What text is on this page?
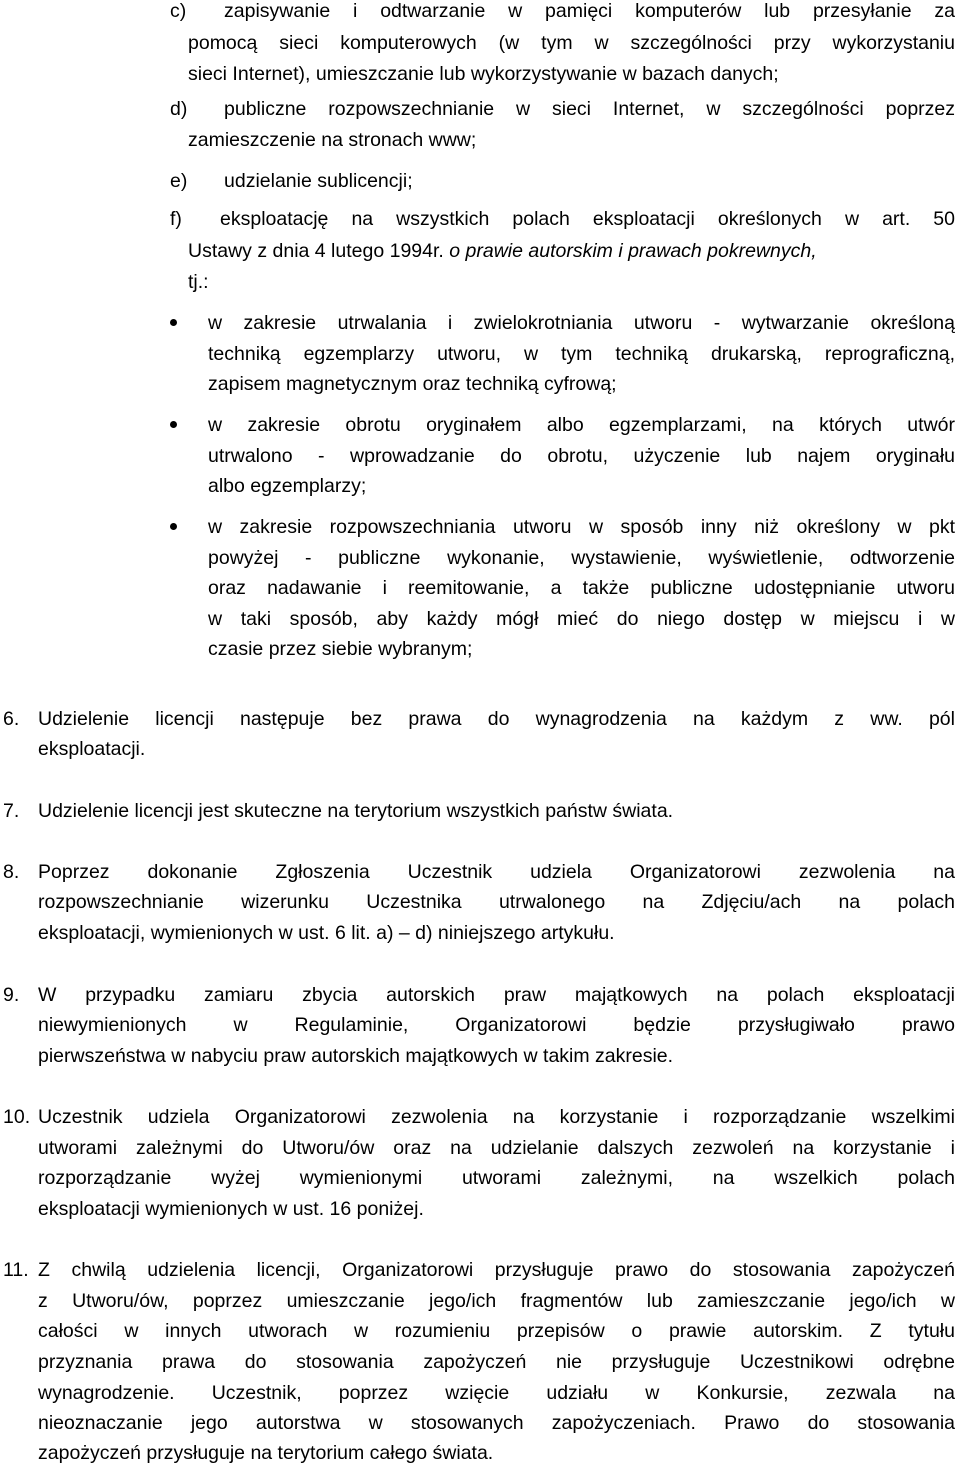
c) zapisywanie i odtwarzanie w pamięci komputerów lub przesyłanie za
pomocą sieci komputerowych (w tym w szczególności przy wykorzystaniu
sieci Internet), umieszczanie lub wykorzystywanie w bazach danych;
d) publiczne rozpowszechnianie w sieci Internet, w szczególności poprzez
zamieszczenie na stronach www;
e) udzielanie sublicencji;
f) eksploatację na wszystkich polach eksploatacji określonych w art. 50
Ustawy z dnia 4 lutego 1994r. o prawie autorskim i prawach pokrewnych,
tj.:
w zakresie utrwalania i zwielokrotniania utworu - wytwarzanie określoną
techniką egzemplarzy utworu, w tym techniką drukarską, reprograficzną,
zapisem magnetycznym oraz techniką cyfrową;
w zakresie obrotu oryginałem albo egzemplarzami, na których utwór
utrwalono - wprowadzanie do obrotu, użyczenie lub najem oryginału
albo egzemplarzy;
w zakresie rozpowszechniania utworu w sposób inny niż określony w pkt
powyżej - publiczne wykonanie, wystawienie, wyświetlenie, odtworzenie
oraz nadawanie i reemitowanie, a także publiczne udostępnianie utworu
w taki sposób, aby każdy mógł mieć do niego dostęp w miejscu i w
czasie przez siebie wybranym;
6. Udzielenie licencji następuje bez prawa do wynagrodzenia na każdym z ww. pól
eksploatacji.
7. Udzielenie licencji jest skuteczne na terytorium wszystkich państw świata.
8. Poprzez dokonanie Zgłoszenia Uczestnik udziela Organizatorowi zezwolenia na
rozpowszechnianie wizerunku Uczestnika utrwalonego na Zdjęciu/ach na polach
eksploatacji, wymienionych w ust. 6 lit. a) – d) niniejszego artykułu.
9. W przypadku zamiaru zbycia autorskich praw majątkowych na polach eksploatacji
niewymienionych w Regulaminie, Organizatorowi będzie przysługiwało prawo
pierwszeństwa w nabyciu praw autorskich majątkowych w takim zakresie.
10. Uczestnik udziela Organizatorowi zezwolenia na korzystanie i rozporządzanie wszelkimi
utworami zależnymi do Utworu/ów oraz na udzielanie dalszych zezwoleń na korzystanie i
rozporządzanie wyżej wymienionymi utworami zależnymi, na wszelkich polach
eksploatacji wymienionych w ust. 16 poniżej.
11. Z chwilą udzielenia licencji, Organizatorowi przysługuje prawo do stosowania zapożyczeń
z Utworu/ów, poprzez umieszczanie jego/ich fragmentów lub zamieszczanie jego/ich w
całości w innych utworach w rozumieniu przepisów o prawie autorskim. Z tytułu
przyznania prawa do stosowania zapożyczeń nie przysługuje Uczestnikowi odrębne
wynagrodzenie. Uczestnik, poprzez wzięcie udziału w Konkursie, zezwala na
nieoznaczanie jego autorstwa w stosowanych zapożyczeniach. Prawo do stosowania
zapożyczeń przysługuje na terytorium całego świata.
